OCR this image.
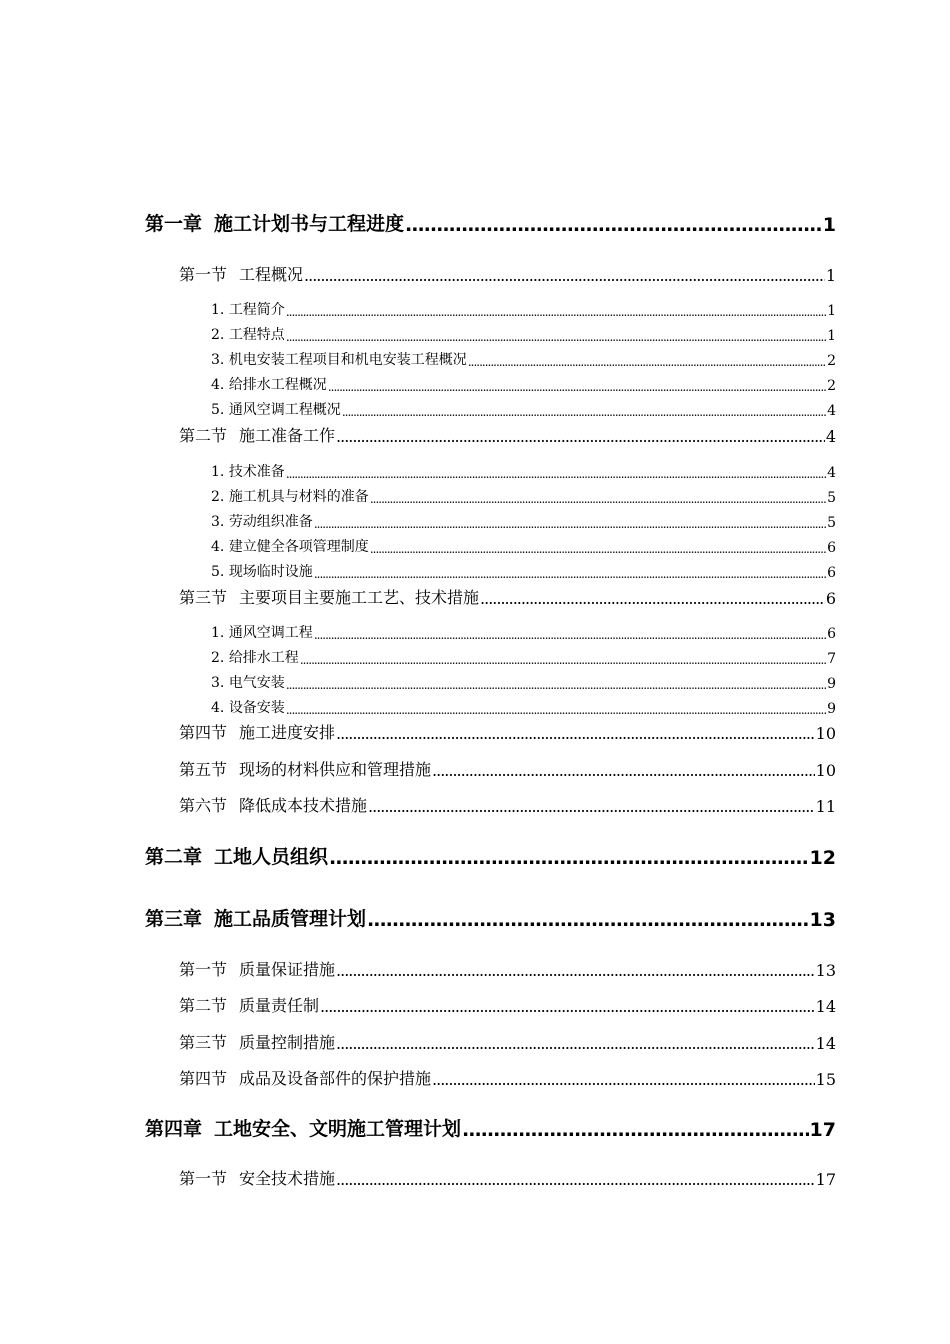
第一章 施工计划书与工程进度 .....	1
第一节 工程概况 .....	1
1. 工程简介 .....	1
2. 工程特点 .....	1
3. 机电安装工程项目和机电安装工程概况 .....	2
4. 给排水工程概况 .....	2
5. 通风空调工程概况 .....	4
第二节 施工准备工作 .....	4
1. 技术准备 .....	4
2. 施工机具与材料的准备 .....	5
3. 劳动组织准备 .....	5
4. 建立健全各项管理制度 .....	6
5. 现场临时设施 .....	6
第三节 主要项目主要施工工艺、技术措施 .....	6
1. 通风空调工程 .....	6
2. 给排水工程 .....	7
3. 电气安装 .....	9
4. 设备安装 .....	9
第四节 施工进度安排 .....	10
第五节 现场的材料供应和管理措施 .....	10
第六节 降低成本技术措施 .....	11
第二章 工地人员组织 .....	12
第三章 施工品质管理计划 .....	13
第一节 质量保证措施 .....	13
第二节 质量责任制 .....	14
第三节 质量控制措施 .....	14
第四节 成品及设备部件的保护措施 .....	15
第四章 工地安全、文明施工管理计划 .....	17
第一节 安全技术措施 .....	17
